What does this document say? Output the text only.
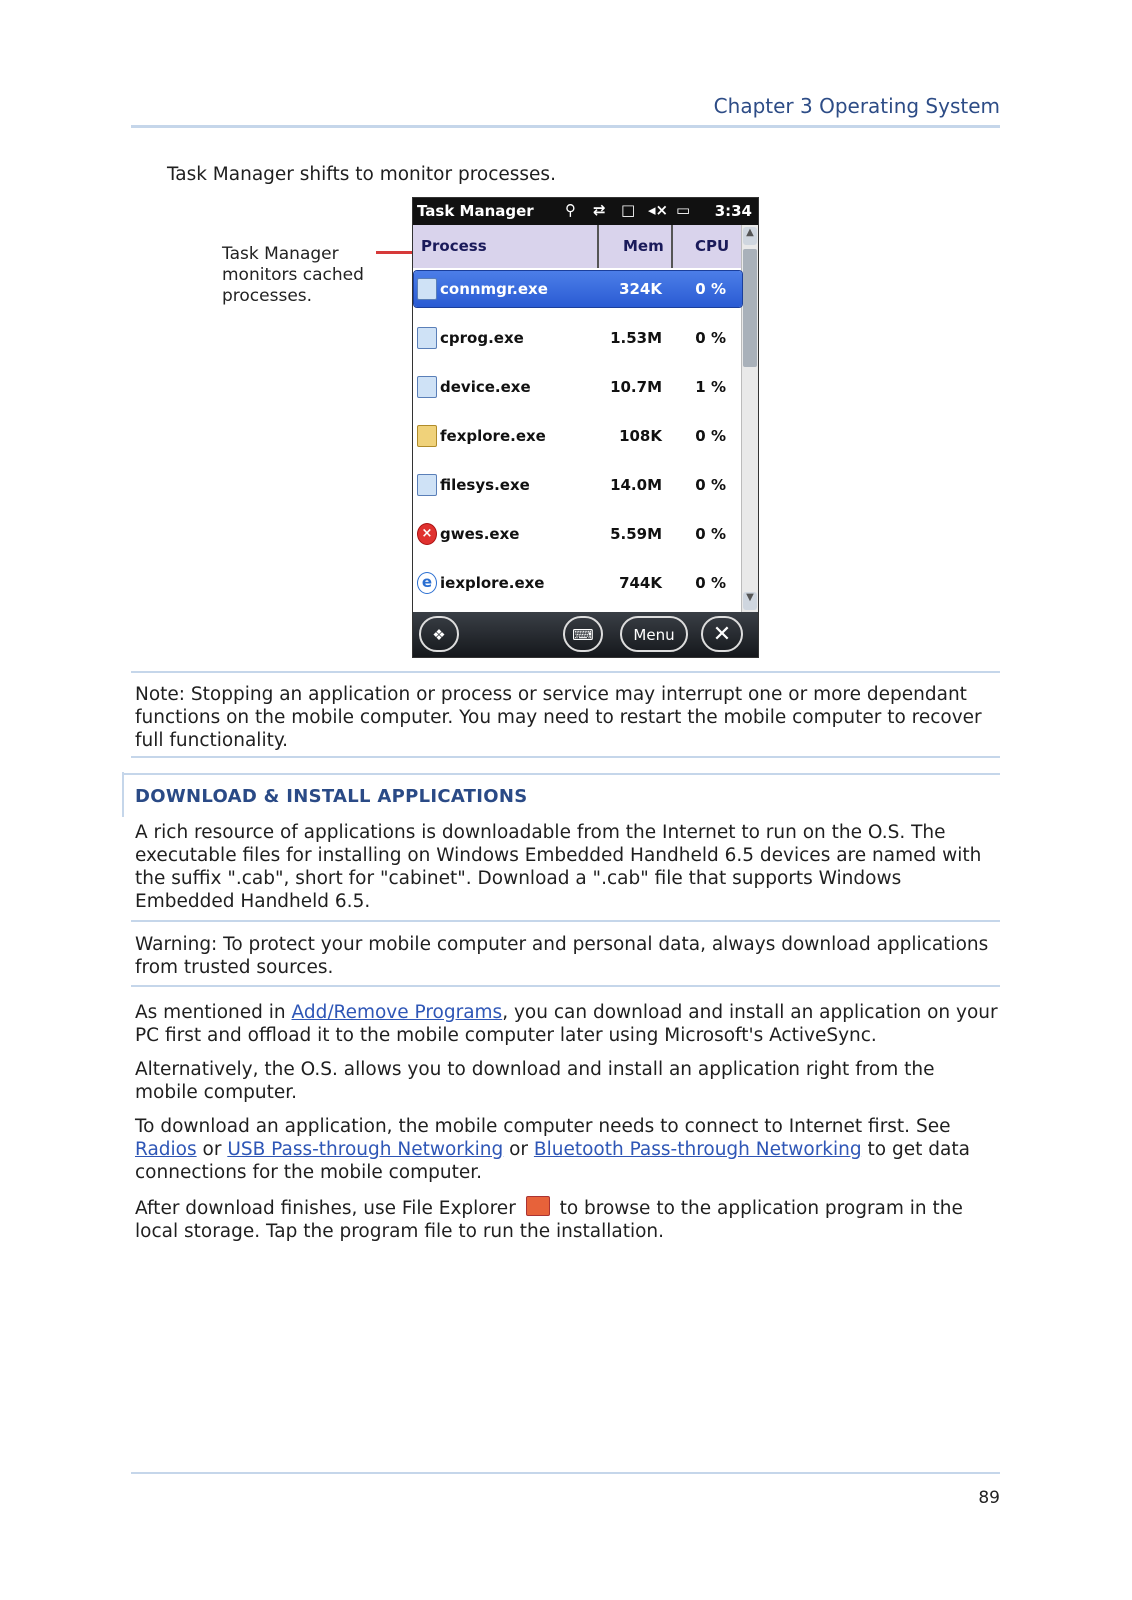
Chapter 3 Operating System
Task Manager shifts to monitor processes.
Task Manager monitors cached processes.
Task Manager ⚲ ⇄ □ ◂× ▭ 3:34
Process	Mem CPU
▲
▼
connmgr.exe	324K 0 %
cprog.exe	1.53M 0 %
device.exe	10.7M 1 %
fexplore.exe	108K 0 %
filesys.exe	14.0M 0 %
× gwes.exe	5.59M 0 %
e iexplore.exe	744K 0 %
❖	⌨	Menu	✕
Note: Stopping an application or process or service may interrupt one or more dependant functions on the mobile computer. You may need to restart the mobile computer to recover full functionality.
DOWNLOAD & INSTALL APPLICATIONS
A rich resource of applications is downloadable from the Internet to run on the O.S. The executable files for installing on Windows Embedded Handheld 6.5 devices are named with the suffix ".cab", short for "cabinet". Download a ".cab" file that supports Windows Embedded Handheld 6.5.
Warning: To protect your mobile computer and personal data, always download applications from trusted sources.
As mentioned in Add/Remove Programs, you can download and install an application on your PC first and offload it to the mobile computer later using Microsoft's ActiveSync.
Alternatively, the O.S. allows you to download and install an application right from the mobile computer.
To download an application, the mobile computer needs to connect to Internet first. See Radios or USB Pass-through Networking or Bluetooth Pass-through Networking to get data connections for the mobile computer.
After download finishes, use File Explorer  to browse to the application program in the local storage. Tap the program file to run the installation.
89
